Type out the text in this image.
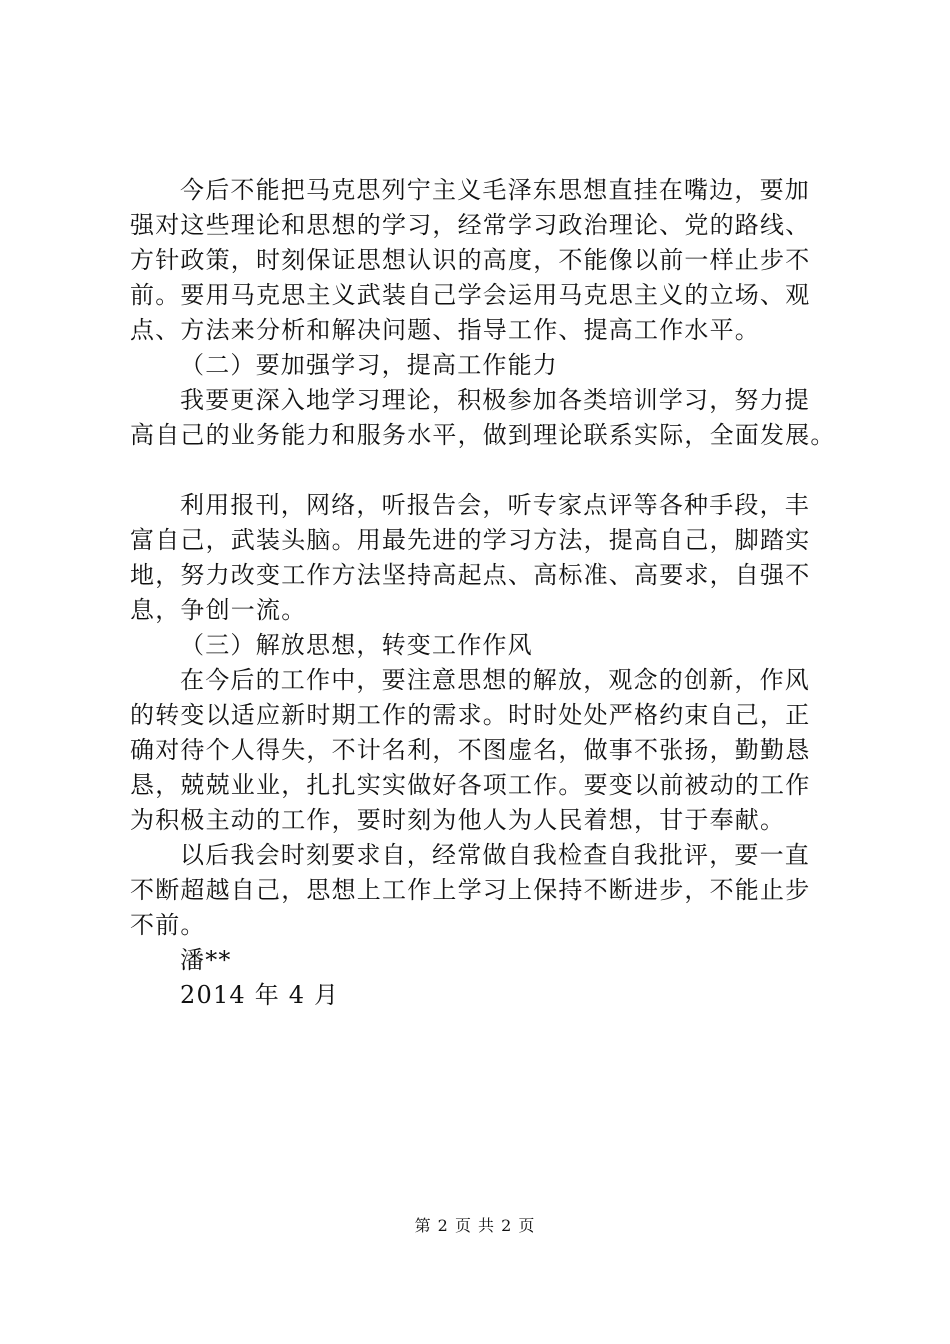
今后不能把马克思列宁主义毛泽东思想直挂在嘴边，要加
强对这些理论和思想的学习，经常学习政治理论、党的路线、
方针政策，时刻保证思想认识的高度，不能像以前一样止步不
前。要用马克思主义武装自己学会运用马克思主义的立场、观
点、方法来分析和解决问题、指导工作、提高工作水平。
（二）要加强学习，提高工作能力
我要更深入地学习理论，积极参加各类培训学习，努力提
高自己的业务能力和服务水平，做到理论联系实际，全面发展。
利用报刊，网络，听报告会，听专家点评等各种手段，丰
富自己，武装头脑。用最先进的学习方法，提高自己，脚踏实
地，努力改变工作方法坚持高起点、高标准、高要求，自强不
息，争创一流。
（三）解放思想，转变工作作风
在今后的工作中，要注意思想的解放，观念的创新，作风
的转变以适应新时期工作的需求。时时处处严格约束自己，正
确对待个人得失，不计名利，不图虚名，做事不张扬，勤勤恳
恳，兢兢业业，扎扎实实做好各项工作。要变以前被动的工作
为积极主动的工作，要时刻为他人为人民着想，甘于奉献。
以后我会时刻要求自，经常做自我检查自我批评，要一直
不断超越自己，思想上工作上学习上保持不断进步，不能止步
不前。
潘**
2014 年 4 月
第 2 页 共 2 页
